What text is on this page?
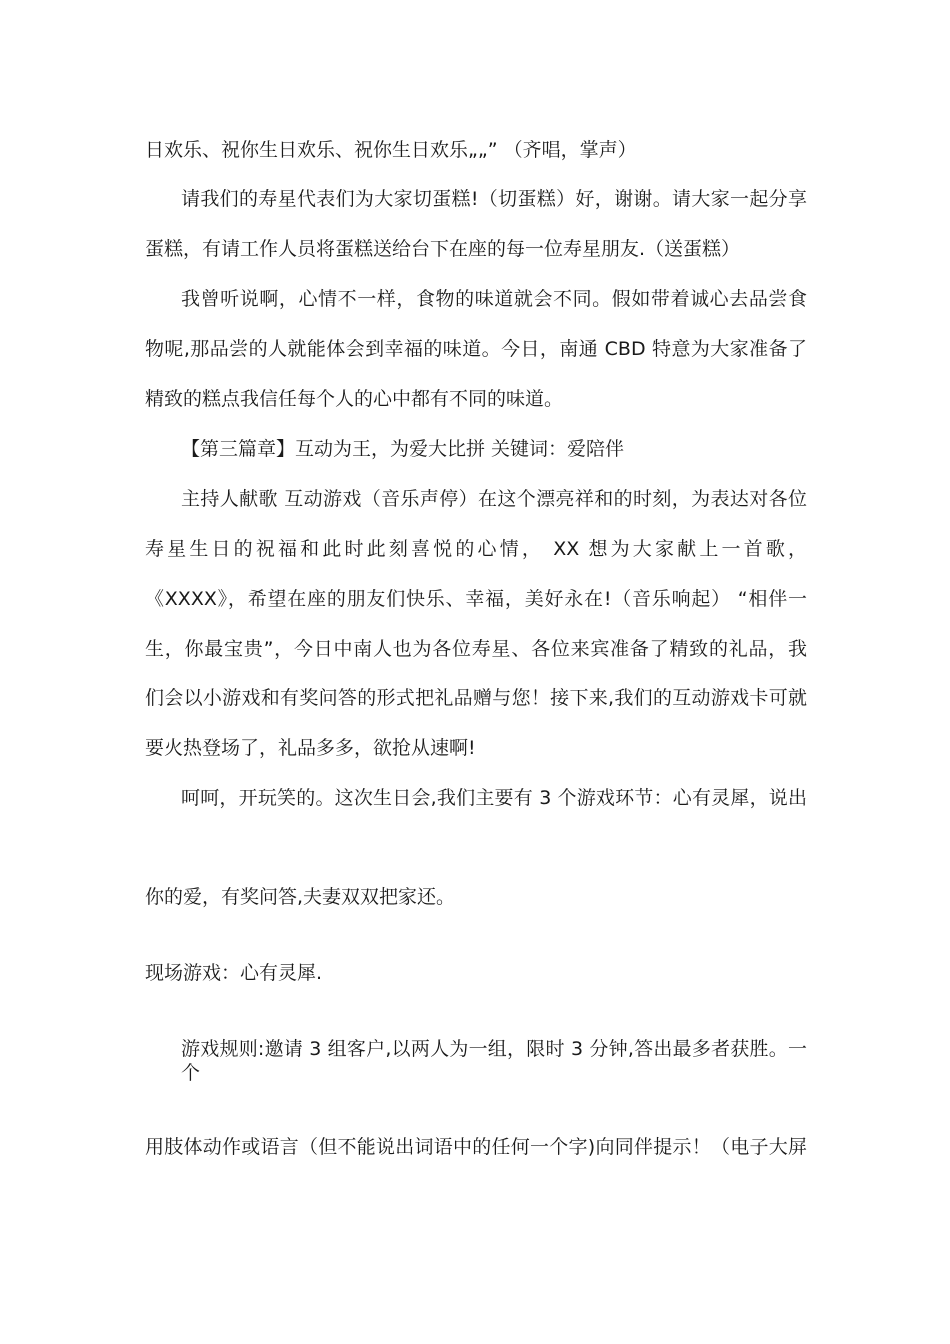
日欢乐、祝你生日欢乐、祝你生日欢乐„„” （齐唱，掌声）
请我们的寿星代表们为大家切蛋糕!（切蛋糕）好，谢谢。请大家一起分享
蛋糕，有请工作人员将蛋糕送给台下在座的每一位寿星朋友.（送蛋糕）
我曾听说啊，心情不一样，食物的味道就会不同。假如带着诚心去品尝食
物呢,那品尝的人就能体会到幸福的味道。今日，南通 CBD 特意为大家准备了
精致的糕点我信任每个人的心中都有不同的味道。
【第三篇章】互动为王，为爱大比拼 关键词：爱陪伴
主持人献歌 互动游戏（音乐声停）在这个漂亮祥和的时刻，为表达对各位
寿星生日的祝福和此时此刻喜悦的心情， XX 想为大家献上一首歌，
《XXXX》，希望在座的朋友们快乐、幸福，美好永在!（音乐响起） “相伴一
生，你最宝贵”，今日中南人也为各位寿星、各位来宾准备了精致的礼品，我
们会以小游戏和有奖问答的形式把礼品赠与您！接下来,我们的互动游戏卡可就
要火热登场了，礼品多多，欲抢从速啊!
呵呵，开玩笑的。这次生日会,我们主要有 3 个游戏环节：心有灵犀，说出
你的爱，有奖问答,夫妻双双把家还。
现场游戏：心有灵犀.
游戏规则:邀请 3 组客户,以两人为一组，限时 3 分钟,答出最多者获胜。一个
用肢体动作或语言（但不能说出词语中的任何一个字)向同伴提示！（电子大屏
